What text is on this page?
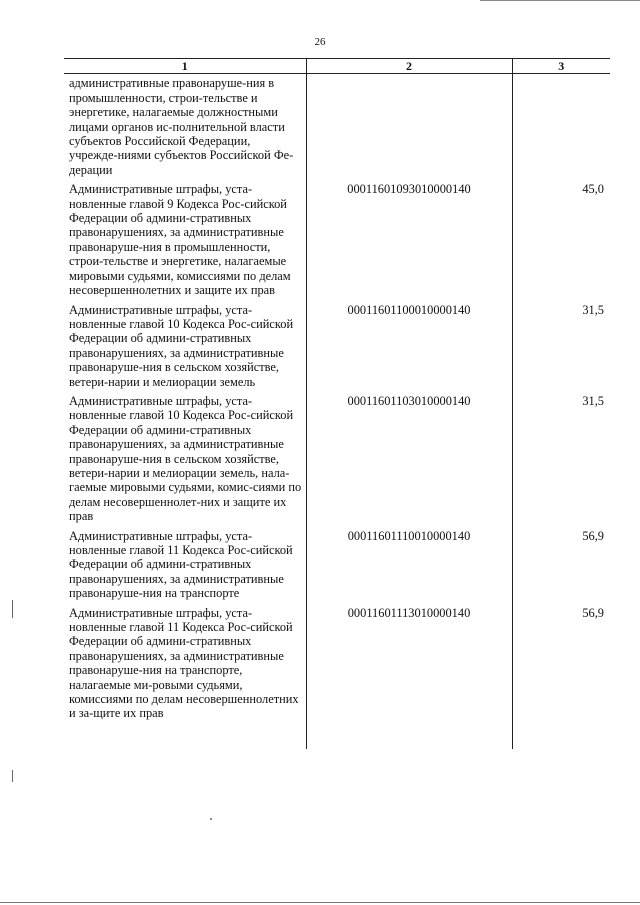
26
1	2	3
административные правонаруше-ния в промышленности, строи-тельстве и энергетике, налагаемые должностными лицами органов ис-полнительной власти субъектов Российской Федерации, учрежде-ниями субъектов Российской Фе-дерации		
Административные штрафы, уста-новленные главой 9 Кодекса Рос-сийской Федерации об админи-стративных правонарушениях, за административные правонаруше-ния в промышленности, строи-тельстве и энергетике, налагаемые мировыми судьями, комиссиями по делам несовершеннолетних и защите их прав	00011601093010000140	45,0
Административные штрафы, уста-новленные главой 10 Кодекса Рос-сийской Федерации об админи-стративных правонарушениях, за административные правонаруше-ния в сельском хозяйстве, ветери-нарии и мелиорации земель	00011601100010000140	31,5
Административные штрафы, уста-новленные главой 10 Кодекса Рос-сийской Федерации об админи-стративных правонарушениях, за административные правонаруше-ния в сельском хозяйстве, ветери-нарии и мелиорации земель, нала-гаемые мировыми судьями, комис-сиями по делам несовершеннолет-них и защите их прав	00011601103010000140	31,5
Административные штрафы, уста-новленные главой 11 Кодекса Рос-сийской Федерации об админи-стративных правонарушениях, за административные правонаруше-ния на транспорте	00011601110010000140	56,9
Административные штрафы, уста-новленные главой 11 Кодекса Рос-сийской Федерации об админи-стративных правонарушениях, за административные правонаруше-ния на транспорте, налагаемые ми-ровыми судьями, комиссиями по делам несовершеннолетних и за-щите их прав	00011601113010000140	56,9
